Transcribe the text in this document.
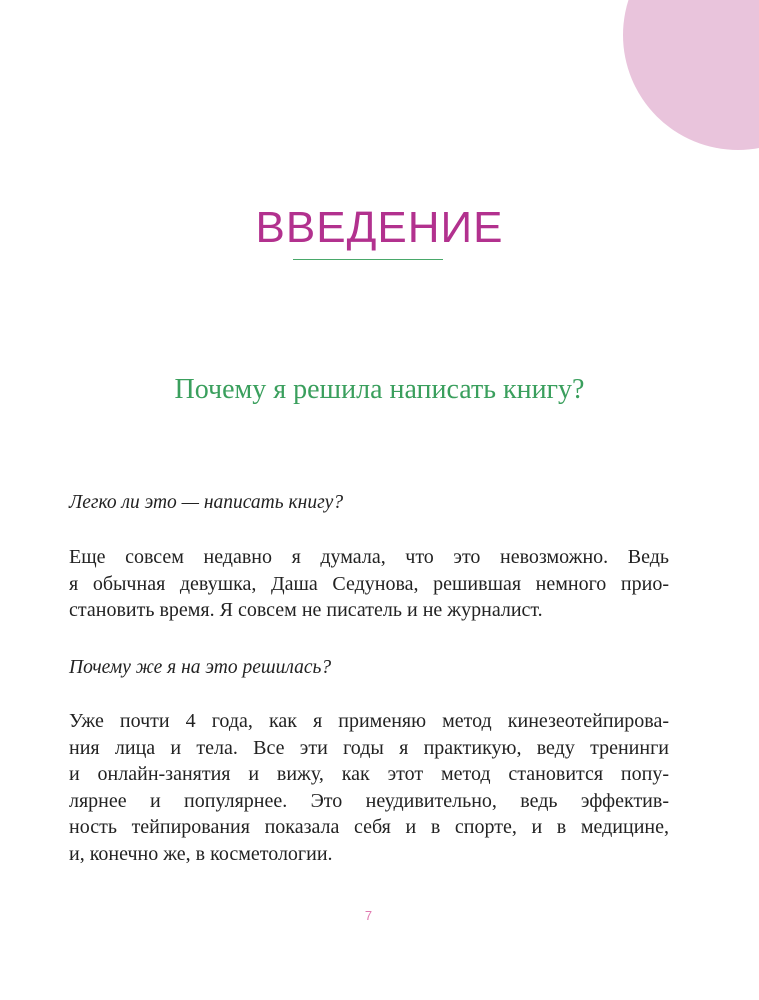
ВВЕДЕНИЕ
Почему я решила написать книгу?
Легко ли это — написать книгу?
Еще совсем недавно я думала, что это невозможно. Ведь
я обычная девушка, Даша Седунова, решившая немного прио-
становить время. Я совсем не писатель и не журналист.
Почему же я на это решилась?
Уже почти 4 года, как я применяю метод кинезеотейпирова-
ния лица и тела. Все эти годы я практикую, веду тренинги
и онлайн-занятия и вижу, как этот метод становится попу-
лярнее и популярнее. Это неудивительно, ведь эффектив-
ность тейпирования показала себя и в спорте, и в медицине,
и, конечно же, в косметологии.
7
